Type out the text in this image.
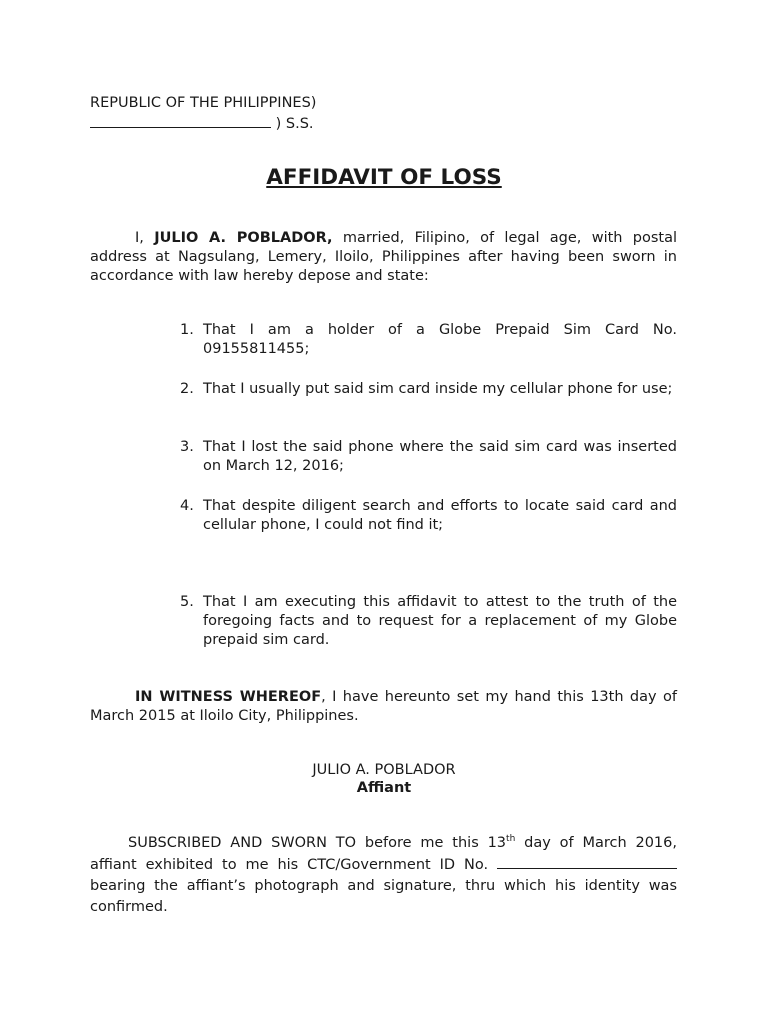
REPUBLIC OF THE PHILIPPINES)
) S.S.
AFFIDAVIT OF LOSS
I, JULIO A. POBLADOR, married, Filipino, of legal age, with postal address at Nagsulang, Lemery, Iloilo, Philippines after having been sworn in accordance with law hereby depose and state:
1. That I am a holder of a Globe Prepaid Sim Card No. 09155811455;
2. That I usually put said sim card inside my cellular phone for use;
3. That I lost the said phone where the said sim card was inserted on March 12, 2016;
4. That despite diligent search and efforts to locate said card and cellular phone, I could not find it;
5. That I am executing this affidavit to attest to the truth of the foregoing facts and to request for a replacement of my Globe prepaid sim card.
IN WITNESS WHEREOF, I have hereunto set my hand this 13th day of March 2015 at Iloilo City, Philippines.
JULIO A. POBLADOR
Affiant
SUBSCRIBED AND SWORN TO before me this 13th day of March 2016, affiant exhibited to me his CTC/Government ID No. bearing the affiant’s photograph and signature, thru which his identity was confirmed.
